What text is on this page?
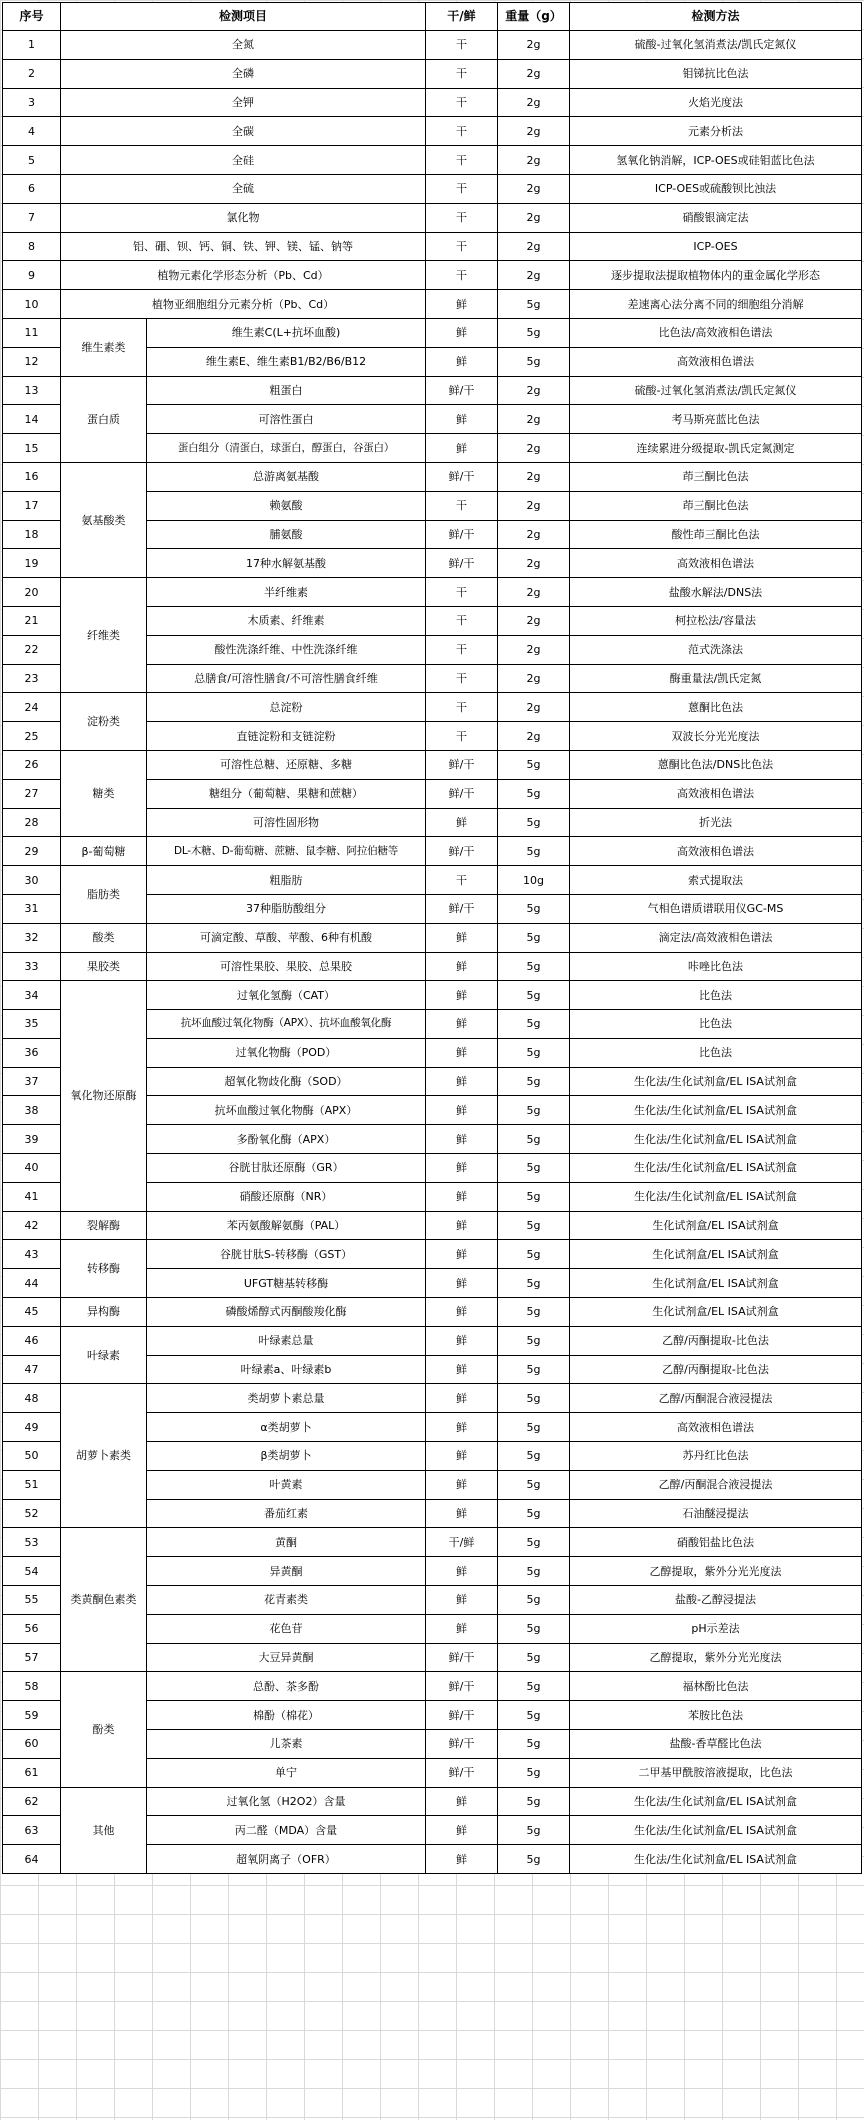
序号	检测项目		干/鲜	重量（g）	检测方法
1	全氮		干	2g	硫酸-过氧化氢消煮法/凯氏定氮仪
2	全磷		干	2g	钼锑抗比色法
3	全钾		干	2g	火焰光度法
4	全碳		干	2g	元素分析法
5	全硅		干	2g	氢氧化钠消解，ICP-OES或硅钼蓝比色法
6	全硫		干	2g	ICP-OES或硫酸钡比浊法
7	氯化物		干	2g	硝酸银滴定法
8	铝、硼、钡、钙、铜、铁、钾、镁、锰、钠等		干	2g	ICP-OES
9	植物元素化学形态分析（Pb、Cd）		干	2g	逐步提取法提取植物体内的重金属化学形态
10	植物亚细胞组分元素分析（Pb、Cd）		鲜	5g	差速离心法分离不同的细胞组分消解
11	维生素类	维生素C(L+抗坏血酸)	鲜	5g	比色法/高效液相色谱法
12		维生素E、维生素B1/B2/B6/B12	鲜	5g	高效液相色谱法
13	蛋白质	粗蛋白	鲜/干	2g	硫酸-过氧化氢消煮法/凯氏定氮仪
14		可溶性蛋白	鲜	2g	考马斯亮蓝比色法
15		蛋白组分（清蛋白，球蛋白，醇蛋白，谷蛋白）	鲜	2g	连续累进分级提取-凯氏定氮测定
16	氨基酸类	总游离氨基酸	鲜/干	2g	茚三酮比色法
17		赖氨酸	干	2g	茚三酮比色法
18		脯氨酸	鲜/干	2g	酸性茚三酮比色法
19		17种水解氨基酸	鲜/干	2g	高效液相色谱法
20	纤维类	半纤维素	干	2g	盐酸水解法/DNS法
21		木质素、纤维素	干	2g	柯拉松法/容量法
22		酸性洗涤纤维、中性洗涤纤维	干	2g	范式洗涤法
23		总膳食/可溶性膳食/不可溶性膳食纤维	干	2g	酶重量法/凯氏定氮
24	淀粉类	总淀粉	干	2g	蒽酮比色法
25		直链淀粉和支链淀粉	干	2g	双波长分光光度法
26	糖类	可溶性总糖、还原糖、多糖	鲜/干	5g	蒽酮比色法/DNS比色法
27		糖组分（葡萄糖、果糖和蔗糖）	鲜/干	5g	高效液相色谱法
28		可溶性固形物	鲜	5g	折光法
29	β-葡萄糖	DL-木糖、D-葡萄糖、蔗糖、鼠李糖、阿拉伯糖等	鲜/干	5g	高效液相色谱法
30	脂肪类	粗脂肪	干	10g	索式提取法
31		37种脂肪酸组分	鲜/干	5g	气相色谱质谱联用仪GC-MS
32	酸类	可滴定酸、草酸、苹酸、6种有机酸	鲜	5g	滴定法/高效液相色谱法
33	果胶类	可溶性果胶、果胶、总果胶	鲜	5g	咔唑比色法
34	氧化物还原酶	过氧化氢酶（CAT）	鲜	5g	比色法
35		抗坏血酸过氧化物酶（APX）、抗坏血酸氧化酶	鲜	5g	比色法
36		过氧化物酶（POD）	鲜	5g	比色法
37		超氧化物歧化酶（SOD）	鲜	5g	生化法/生化试剂盒/EL ISA试剂盒
38		抗坏血酸过氧化物酶（APX）	鲜	5g	生化法/生化试剂盒/EL ISA试剂盒
39		多酚氧化酶（APX）	鲜	5g	生化法/生化试剂盒/EL ISA试剂盒
40		谷胱甘肽还原酶（GR）	鲜	5g	生化法/生化试剂盒/EL ISA试剂盒
41		硝酸还原酶（NR）	鲜	5g	生化法/生化试剂盒/EL ISA试剂盒
42	裂解酶	苯丙氨酸解氨酶（PAL）	鲜	5g	生化试剂盒/EL ISA试剂盒
43	转移酶	谷胱甘肽S-转移酶（GST）	鲜	5g	生化试剂盒/EL ISA试剂盒
44		UFGT糖基转移酶	鲜	5g	生化试剂盒/EL ISA试剂盒
45	异构酶	磷酸烯醇式丙酮酸羧化酶	鲜	5g	生化试剂盒/EL ISA试剂盒
46	叶绿素	叶绿素总量	鲜	5g	乙醇/丙酮提取-比色法
47		叶绿素a、叶绿素b	鲜	5g	乙醇/丙酮提取-比色法
48	胡萝卜素类	类胡萝卜素总量	鲜	5g	乙醇/丙酮混合液浸提法
49		α类胡萝卜	鲜	5g	高效液相色谱法
50		β类胡萝卜	鲜	5g	苏丹红比色法
51		叶黄素	鲜	5g	乙醇/丙酮混合液浸提法
52		番茄红素	鲜	5g	石油醚浸提法
53	类黄酮色素类	黄酮	干/鲜	5g	硝酸铝盐比色法
54		异黄酮	鲜	5g	乙醇提取，紫外分光光度法
55		花青素类	鲜	5g	盐酸-乙醇浸提法
56		花色苷	鲜	5g	pH示差法
57		大豆异黄酮	鲜/干	5g	乙醇提取，紫外分光光度法
58	酚类	总酚、茶多酚	鲜/干	5g	福林酚比色法
59		棉酚（棉花）	鲜/干	5g	苯胺比色法
60		儿茶素	鲜/干	5g	盐酸-香草醛比色法
61		单宁	鲜/干	5g	二甲基甲酰胺溶液提取，比色法
62	其他	过氧化氢（H2O2）含量	鲜	5g	生化法/生化试剂盒/EL ISA试剂盒
63		丙二醛（MDA）含量	鲜	5g	生化法/生化试剂盒/EL ISA试剂盒
64		超氧阴离子（OFR）	鲜	5g	生化法/生化试剂盒/EL ISA试剂盒
